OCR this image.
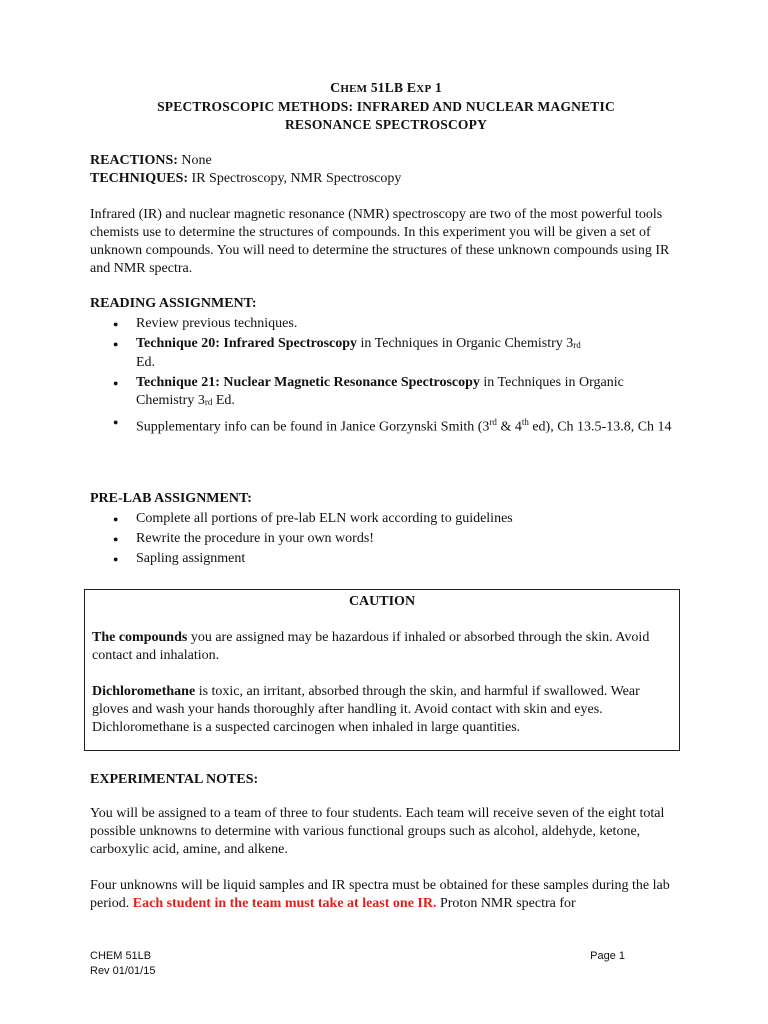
CHEM 51LB EXP 1
SPECTROSCOPIC METHODS: INFRARED AND NUCLEAR MAGNETIC
RESONANCE SPECTROSCOPY

REACTIONS: None

TECHNIQUES: IR Spectroscopy, NMR Spectroscopy

Infrared (IR) and nuclear magnetic resonance (NMR) spectroscopy are two of the most powerful tools chemists use to determine the structures of compounds. In this experiment you will be given a set of unknown compounds. You will need to determine the structures of these unknown compounds using IR and NMR spectra.

READING ASSIGNMENT:

● Review previous techniques.
● Technique 20: Infrared Spectroscopy in Techniques in Organic Chemistry 3rd
Ed.
● Technique 21: Nuclear Magnetic Resonance Spectroscopy in Techniques in Organic Chemistry 3rd Ed.
● Supplementary info can be found in Janice Gorzynski Smith (3rd & 4th ed), Ch 13.5-13.8, Ch 14

PRE-LAB ASSIGNMENT:

● Complete all portions of pre-lab ELN work according to guidelines
● Rewrite the procedure in your own words!
● Sapling assignment
CAUTION

The compounds you are assigned may be hazardous if inhaled or absorbed through the skin. Avoid contact and inhalation.

Dichloromethane is toxic, an irritant, absorbed through the skin, and harmful if swallowed. Wear gloves and wash your hands thoroughly after handling it. Avoid contact with skin and eyes. Dichloromethane is a suspected carcinogen when inhaled in large quantities.

EXPERIMENTAL NOTES:

You will be assigned to a team of three to four students. Each team will receive seven of the eight total possible unknowns to determine with various functional groups such as alcohol, aldehyde, ketone, carboxylic acid, amine, and alkene.

Four unknowns will be liquid samples and IR spectra must be obtained for these samples during the lab period. Each student in the team must take at least one IR. Proton NMR spectra for

CHEM 51LB
Rev 01/01/15
Page 1
